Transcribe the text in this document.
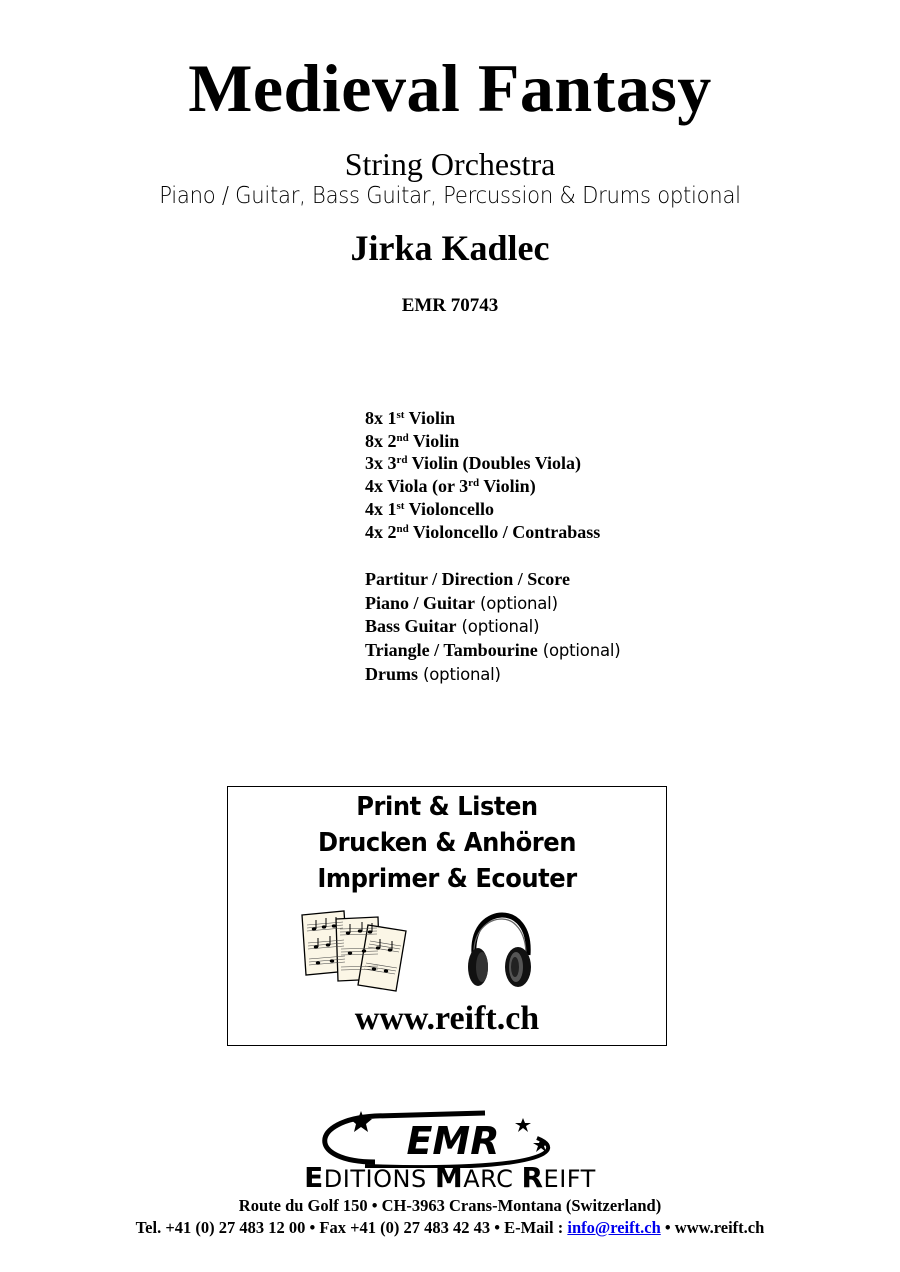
Medieval Fantasy
String Orchestra
Piano / Guitar, Bass Guitar, Percussion & Drums optional
Jirka Kadlec
EMR 70743
8x 1st Violin
8x 2nd Violin
3x 3rd Violin (Doubles Viola)
4x Viola (or 3rd Violin)
4x 1st Violoncello
4x 2nd Violoncello / Contrabass
Partitur / Direction / Score
Piano / Guitar (optional)
Bass Guitar (optional)
Triangle / Tambourine (optional)
Drums (optional)
Print & Listen
Drucken & Anhören
Imprimer & Ecouter
www.reift.ch
EMR
EDITIONS MARC REIFT
Route du Golf 150 • CH-3963 Crans-Montana (Switzerland)
Tel. +41 (0) 27 483 12 00 • Fax +41 (0) 27 483 42 43 • E-Mail : info@reift.ch • www.reift.ch
